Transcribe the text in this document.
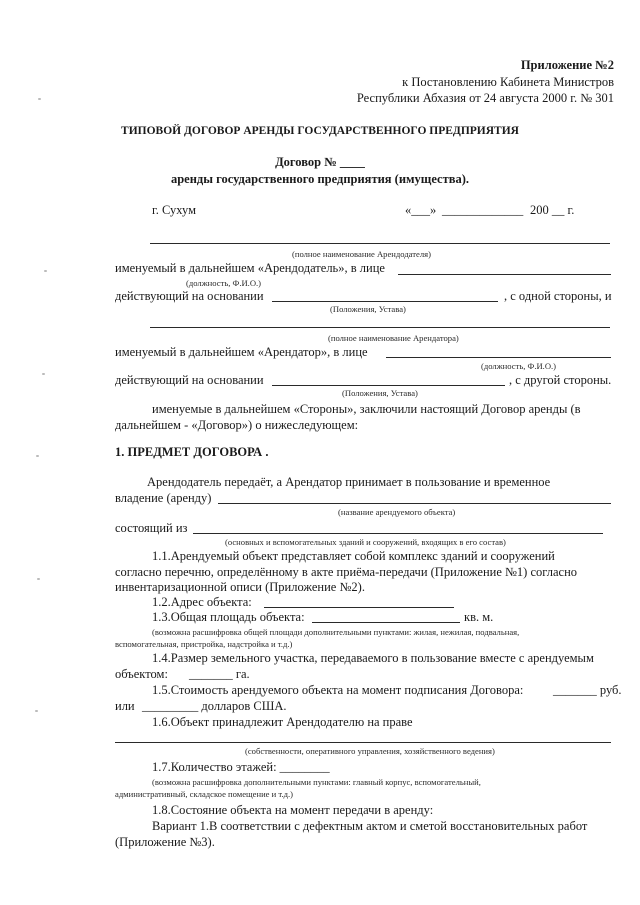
Приложение №2
к Постановлению Кабинета Министров
Республики Абхазия от 24 августа 2000 г. № 301
ТИПОВОЙ ДОГОВОР АРЕНДЫ ГОСУДАРСТВЕННОГО ПРЕДПРИЯТИЯ
Договор № ____
аренды государственного предприятия (имущества).
г. Сухум	«___» _____________ 200 __ г.
(полное наименование Арендодателя)
именуемый в дальнейшем «Арендодатель», в лице
(должность, Ф.И.О.)
действующий на основании	, с одной стороны, и
(Положения, Устава)
(полное наименование Арендатора)
именуемый в дальнейшем «Арендатор», в лице
(должность, Ф.И.О.)
действующий на основании	, с другой стороны.
(Положения, Устава)
именуемые в дальнейшем «Стороны», заключили настоящий Договор аренды (в
дальнейшем - «Договор») о нижеследующем:
1. ПРЕДМЕТ ДОГОВОРА .
Арендодатель передаёт, а Арендатор принимает в пользование и временное
владение (аренду)
(название арендуемого объекта)
состоящий из
(основных и вспомогательных зданий и сооружений, входящих в его состав)
1.1.Арендуемый объект представляет собой комплекс зданий и сооружений
согласно перечню, определённому в акте приёма-передачи (Приложение №1) согласно
инвентаризационной описи (Приложение №2).
1.2.Адрес объекта:
1.3.Общая площадь объекта:	кв. м.
(возможна расшифровка общей площади дополнительными пунктами: жилая, нежилая, подвальная,
вспомогательная, пристройка, надстройка и т.д.)
1.4.Размер земельного участка, передаваемого в пользование вместе с арендуемым
объектом: _______ га.
1.5.Стоимость арендуемого объекта на момент подписания Договора: _______ руб.
или _________ долларов США.
1.6.Объект принадлежит Арендодателю на праве
(собственности, оперативного управления, хозяйственного ведения)
1.7.Количество этажей: ________
(возможна расшифровка дополнительными пунктами: главный корпус, вспомогательный,
административный, складское помещение и т.д.)
1.8.Состояние объекта на момент передачи в аренду:
Вариант 1.В соответствии с дефектным актом и сметой восстановительных работ
(Приложение №3).
